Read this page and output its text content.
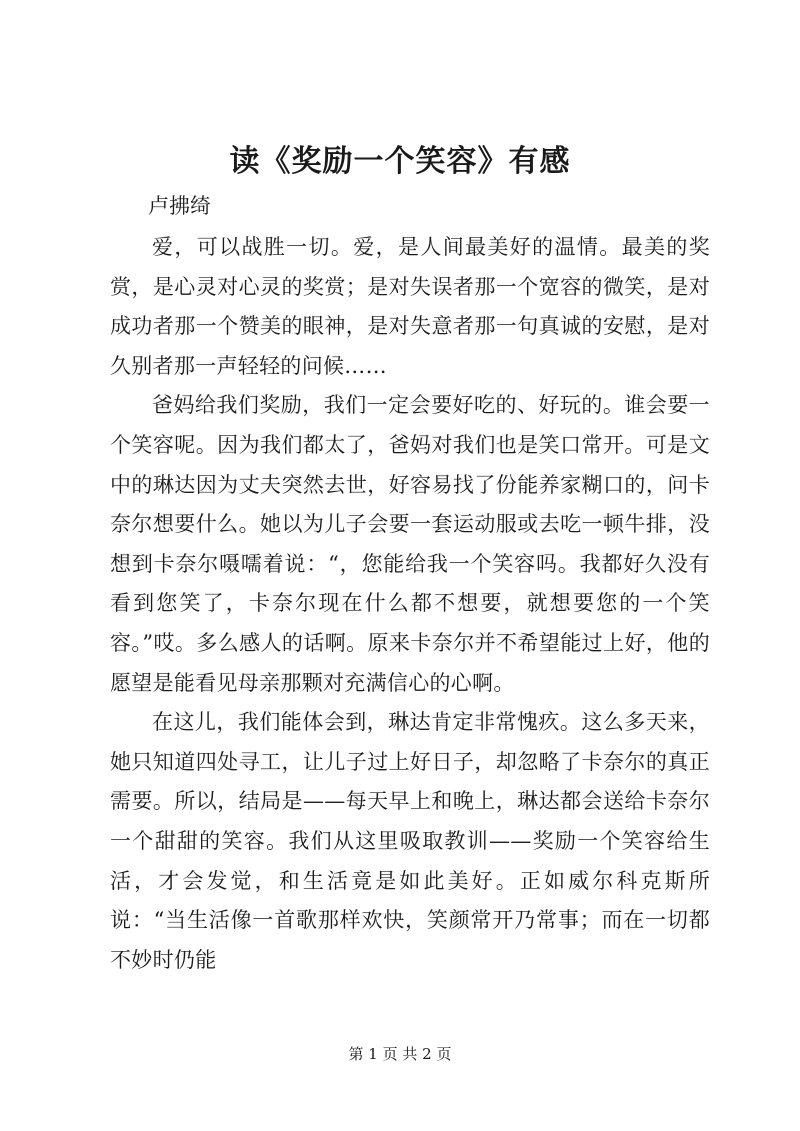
读《奖励一个笑容》有感

卢拂绮

爱，可以战胜一切。爱，是人间最美好的温情。最美的奖赏，是心灵对心灵的奖赏；是对失误者那一个宽容的微笑，是对成功者那一个赞美的眼神，是对失意者那一句真诚的安慰，是对久别者那一声轻轻的问候……

爸妈给我们奖励，我们一定会要好吃的、好玩的。谁会要一个笑容呢。因为我们都太了，爸妈对我们也是笑口常开。可是文中的琳达因为丈夫突然去世，好容易找了份能养家糊口的，问卡奈尔想要什么。她以为儿子会要一套运动服或去吃一顿牛排，没想到卡奈尔嗫嚅着说：“，您能给我一个笑容吗。我都好久没有看到您笑了，卡奈尔现在什么都不想要，就想要您的一个笑容。”哎。多么感人的话啊。原来卡奈尔并不希望能过上好，他的愿望是能看见母亲那颗对充满信心的心啊。

在这儿，我们能体会到，琳达肯定非常愧疚。这么多天来，她只知道四处寻工，让儿子过上好日子，却忽略了卡奈尔的真正需要。所以，结局是——每天早上和晚上，琳达都会送给卡奈尔一个甜甜的笑容。我们从这里吸取教训——奖励一个笑容给生活，才会发觉，和生活竟是如此美好。正如威尔科克斯所说：“当生活像一首歌那样欢快，笑颜常开乃常事；而在一切都不妙时仍能

第 1 页 共 2 页
